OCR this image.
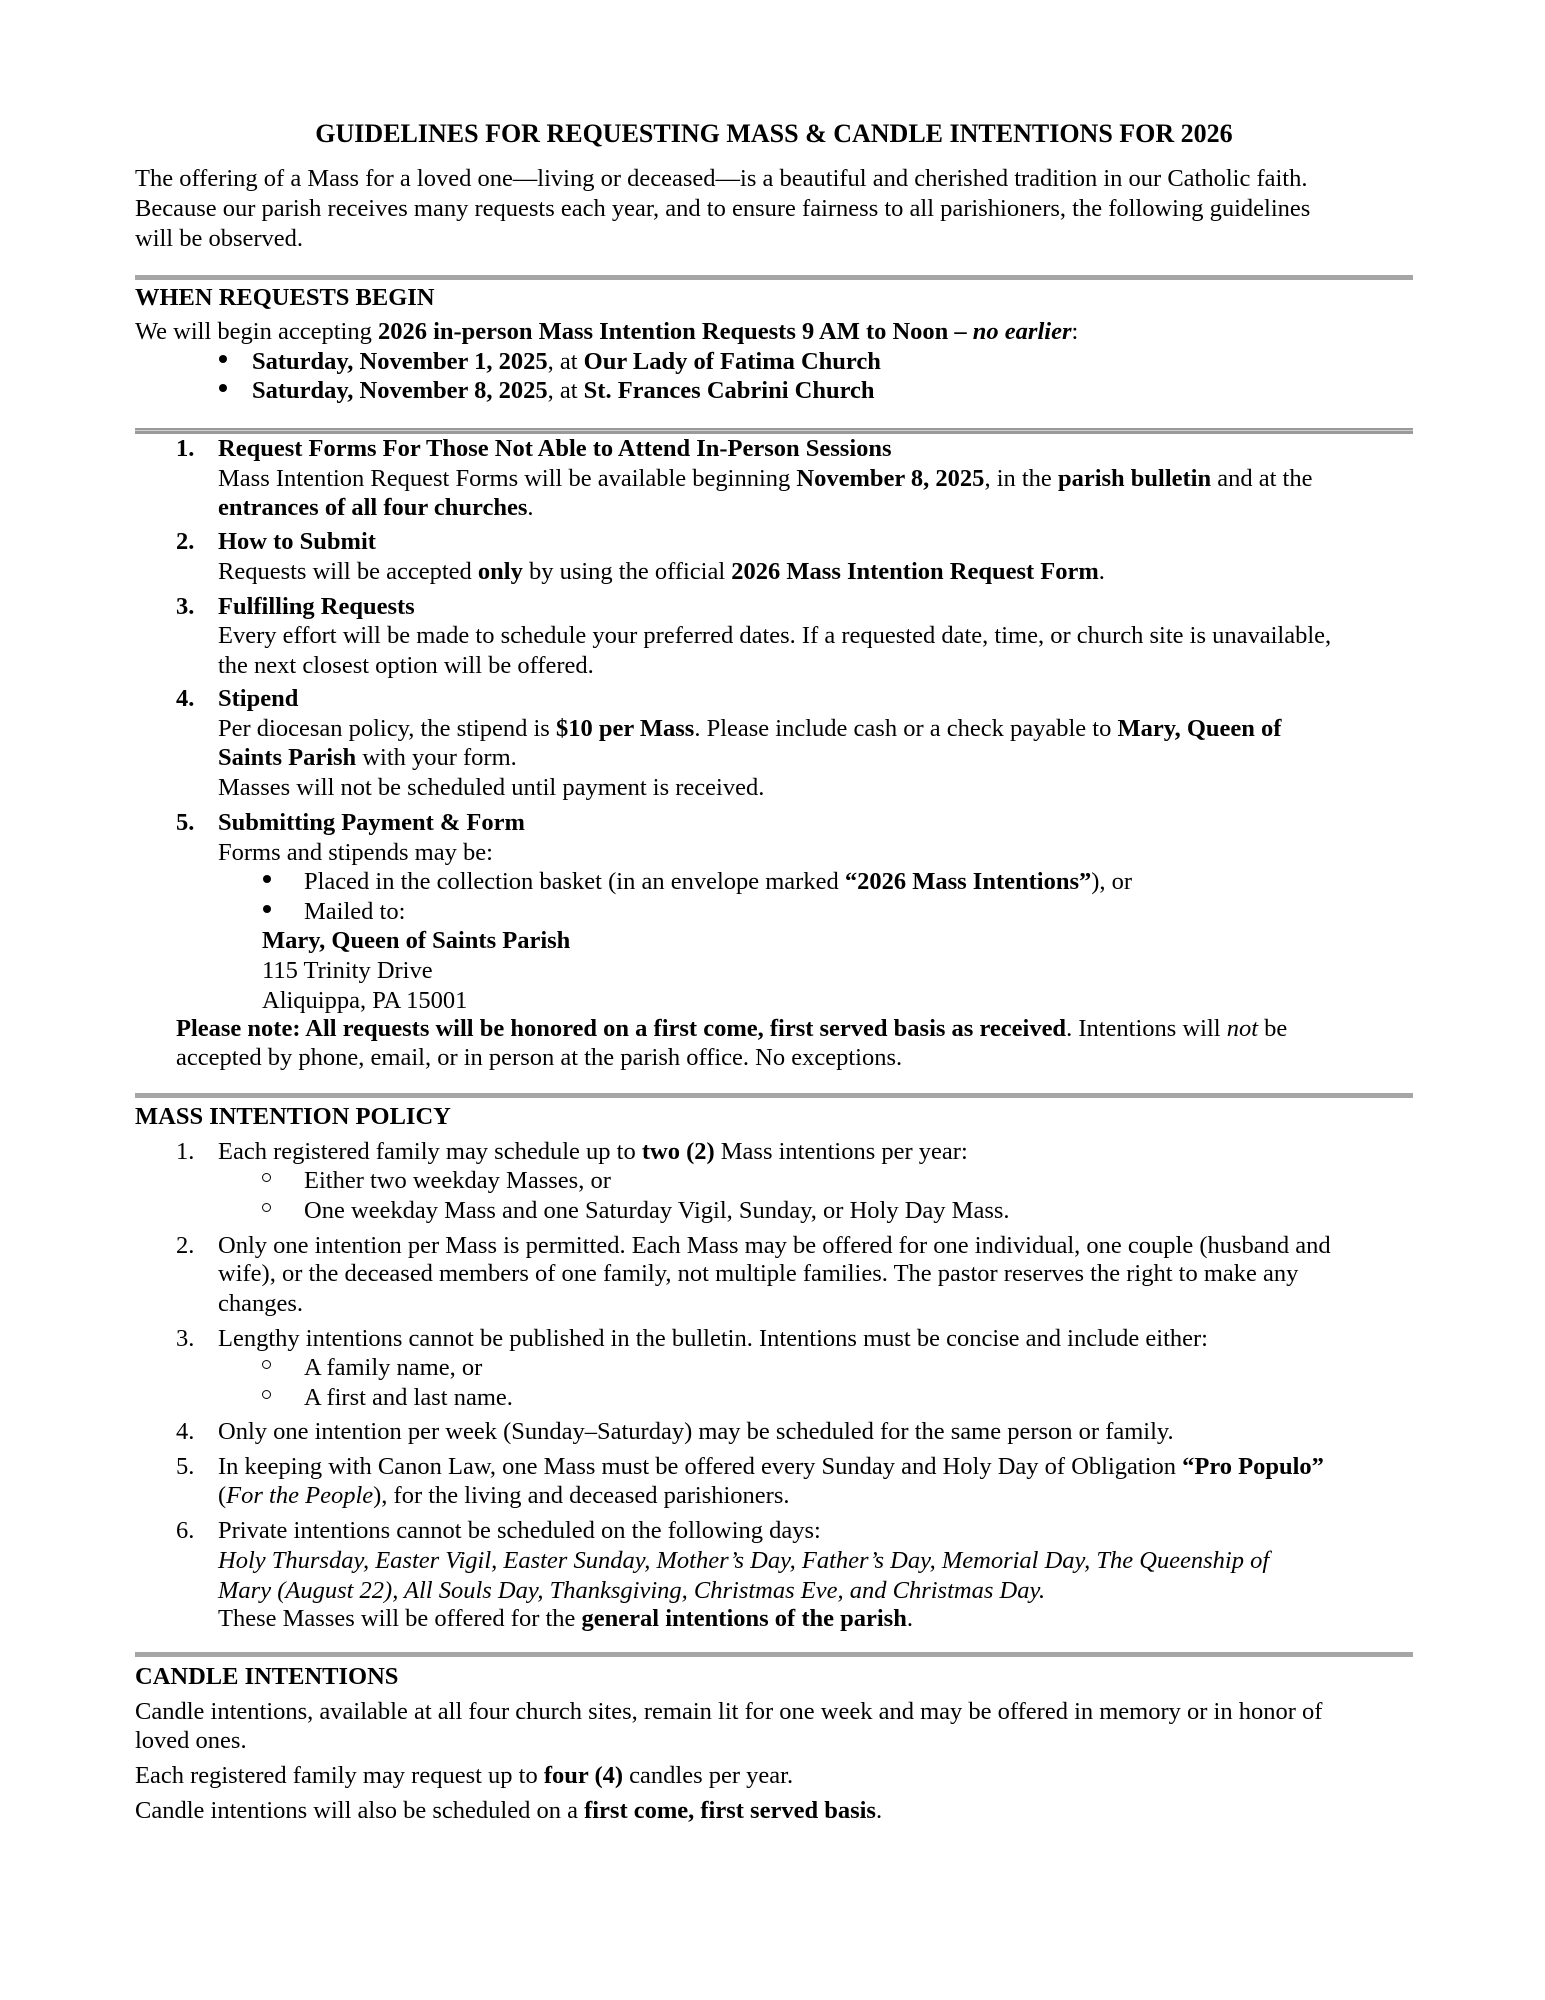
GUIDELINES FOR REQUESTING MASS & CANDLE INTENTIONS FOR 2026
The offering of a Mass for a loved one—living or deceased—is a beautiful and cherished tradition in our Catholic faith.
Because our parish receives many requests each year, and to ensure fairness to all parishioners, the following guidelines
will be observed.
WHEN REQUESTS BEGIN
We will begin accepting 2026 in-person Mass Intention Requests 9 AM to Noon – no earlier:
Saturday, November 1, 2025, at Our Lady of Fatima Church
Saturday, November 8, 2025, at St. Frances Cabrini Church
1. Request Forms For Those Not Able to Attend In-Person Sessions
Mass Intention Request Forms will be available beginning November 8, 2025, in the parish bulletin and at the
entrances of all four churches.
2. How to Submit
Requests will be accepted only by using the official 2026 Mass Intention Request Form.
3. Fulfilling Requests
Every effort will be made to schedule your preferred dates. If a requested date, time, or church site is unavailable,
the next closest option will be offered.
4. Stipend
Per diocesan policy, the stipend is $10 per Mass. Please include cash or a check payable to Mary, Queen of
Saints Parish with your form.
Masses will not be scheduled until payment is received.
5. Submitting Payment & Form
Forms and stipends may be:
Placed in the collection basket (in an envelope marked “2026 Mass Intentions”), or
Mailed to:
Mary, Queen of Saints Parish
115 Trinity Drive
Aliquippa, PA 15001
Please note: All requests will be honored on a first come, first served basis as received. Intentions will not be
accepted by phone, email, or in person at the parish office. No exceptions.
MASS INTENTION POLICY
1. Each registered family may schedule up to two (2) Mass intentions per year:
Either two weekday Masses, or
One weekday Mass and one Saturday Vigil, Sunday, or Holy Day Mass.
2. Only one intention per Mass is permitted. Each Mass may be offered for one individual, one couple (husband and
wife), or the deceased members of one family, not multiple families. The pastor reserves the right to make any
changes.
3. Lengthy intentions cannot be published in the bulletin. Intentions must be concise and include either:
A family name, or
A first and last name.
4. Only one intention per week (Sunday–Saturday) may be scheduled for the same person or family.
5. In keeping with Canon Law, one Mass must be offered every Sunday and Holy Day of Obligation “Pro Populo”
(For the People), for the living and deceased parishioners.
6. Private intentions cannot be scheduled on the following days:
Holy Thursday, Easter Vigil, Easter Sunday, Mother’s Day, Father’s Day, Memorial Day, The Queenship of
Mary (August 22), All Souls Day, Thanksgiving, Christmas Eve, and Christmas Day.
These Masses will be offered for the general intentions of the parish.
CANDLE INTENTIONS
Candle intentions, available at all four church sites, remain lit for one week and may be offered in memory or in honor of
loved ones.
Each registered family may request up to four (4) candles per year.
Candle intentions will also be scheduled on a first come, first served basis.
